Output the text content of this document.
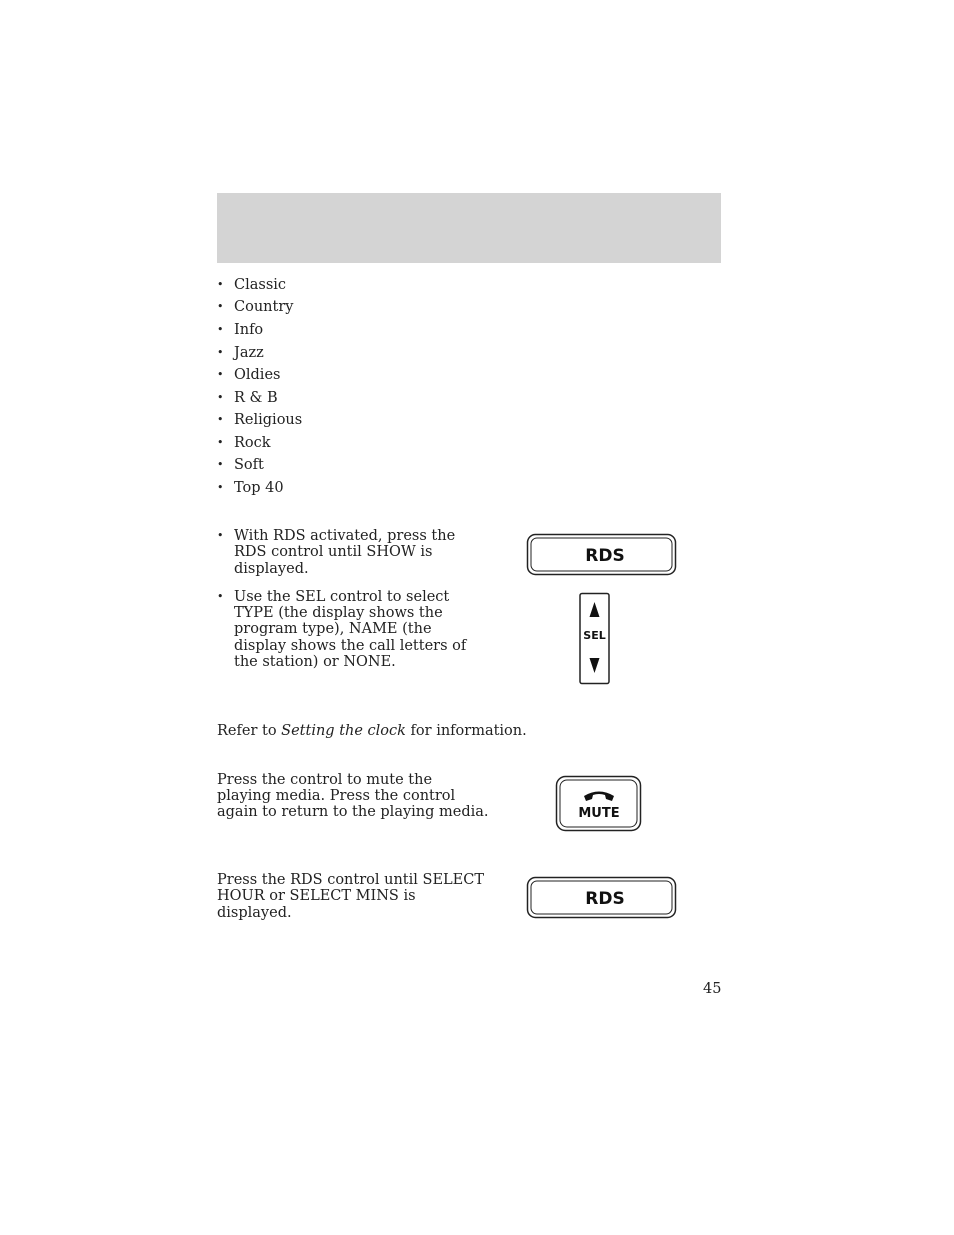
• Classic
• Country
• Info
• Jazz
• Oldies
• R & B
• Religious
• Rock
• Soft
• Top 40
• With RDS activated, press the
RDS control until SHOW is
displayed.
• Use the SEL control to select
TYPE (the display shows the
program type), NAME (the
display shows the call letters of
the station) or NONE.
RDS
SEL
Refer to Setting the clock for information.
Press the control to mute the
playing media. Press the control
again to return to the playing media.	MUTE
Press the RDS control until SELECT
HOUR or SELECT MINS is
displayed.
RDS
45
